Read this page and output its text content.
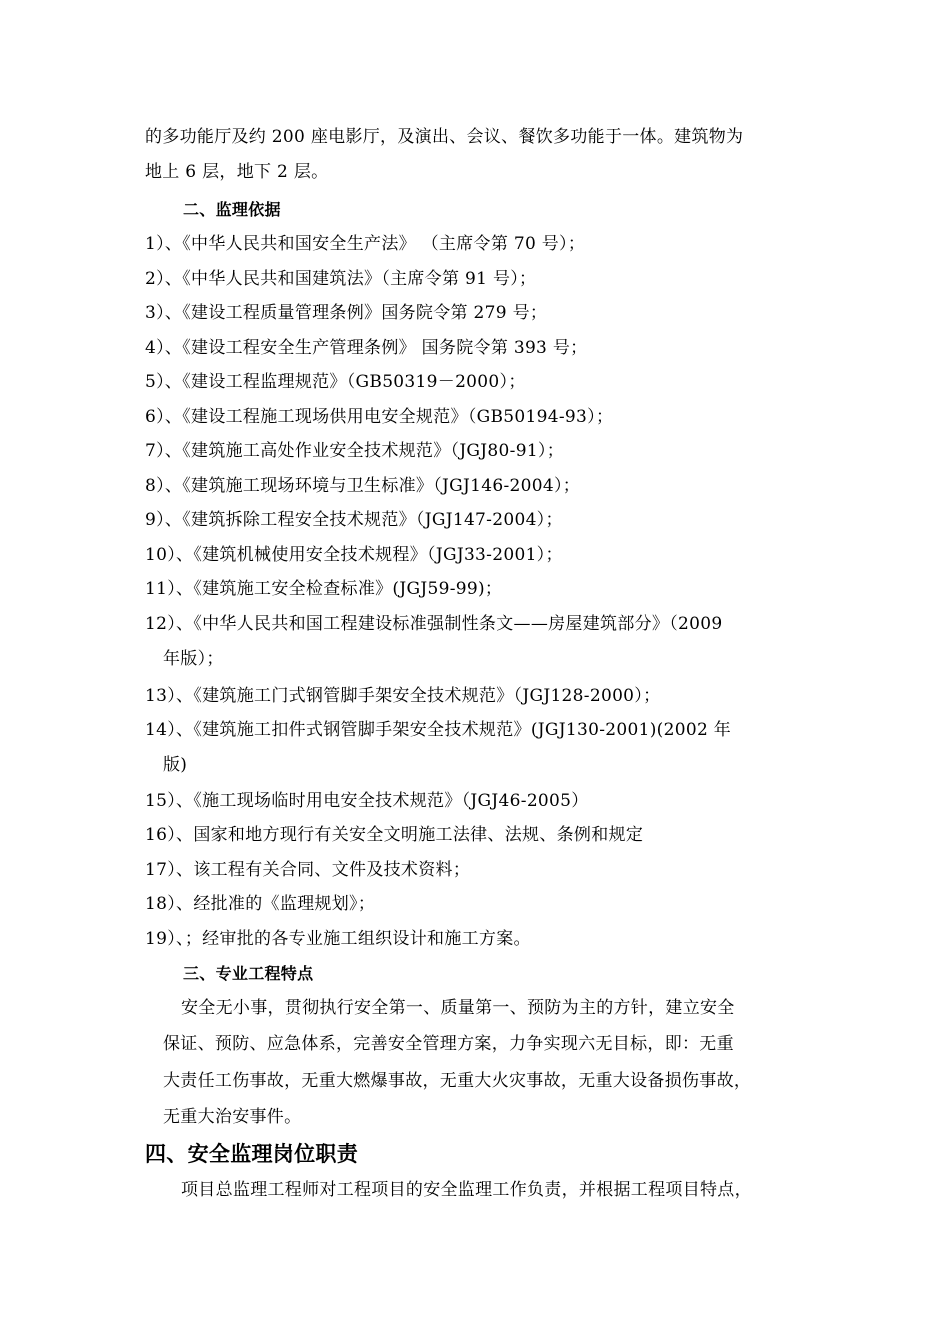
的多功能厅及约 200 座电影厅，及演出、会议、餐饮多功能于一体。建筑物为
地上 6 层，地下 2 层。
二、监理依据
1）、《中华人民共和国安全生产法》 （主席令第 70 号）；
2）、《中华人民共和国建筑法》（主席令第 91 号）；
3）、《建设工程质量管理条例》国务院令第 279 号；
4）、《建设工程安全生产管理条例》 国务院令第 393 号；
5）、《建设工程监理规范》（GB50319－2000）；
6）、《建设工程施工现场供用电安全规范》（GB50194-93）；
7）、《建筑施工高处作业安全技术规范》（JGJ80-91）；
8）、《建筑施工现场环境与卫生标准》（JGJ146-2004）；
9）、《建筑拆除工程安全技术规范》（JGJ147-2004）；
10）、《建筑机械使用安全技术规程》（JGJ33-2001）；
11）、《建筑施工安全检查标准》(JGJ59-99)；
12）、《中华人民共和国工程建设标准强制性条文——房屋建筑部分》（2009
年版）；
13）、《建筑施工门式钢管脚手架安全技术规范》（JGJ128-2000）；
14）、《建筑施工扣件式钢管脚手架安全技术规范》(JGJ130-2001)(2002 年
版)
15）、《施工现场临时用电安全技术规范》（JGJ46-2005）
16）、国家和地方现行有关安全文明施工法律、法规、条例和规定
17）、该工程有关合同、文件及技术资料；
18）、经批准的《监理规划》；
19）、；经审批的各专业施工组织设计和施工方案。
三、专业工程特点
安全无小事，贯彻执行安全第一、质量第一、预防为主的方针，建立安全
保证、预防、应急体系，完善安全管理方案，力争实现六无目标，即：无重
大责任工伤事故，无重大燃爆事故，无重大火灾事故，无重大设备损伤事故，
无重大治安事件。
四、安全监理岗位职责
项目总监理工程师对工程项目的安全监理工作负责，并根据工程项目特点，
